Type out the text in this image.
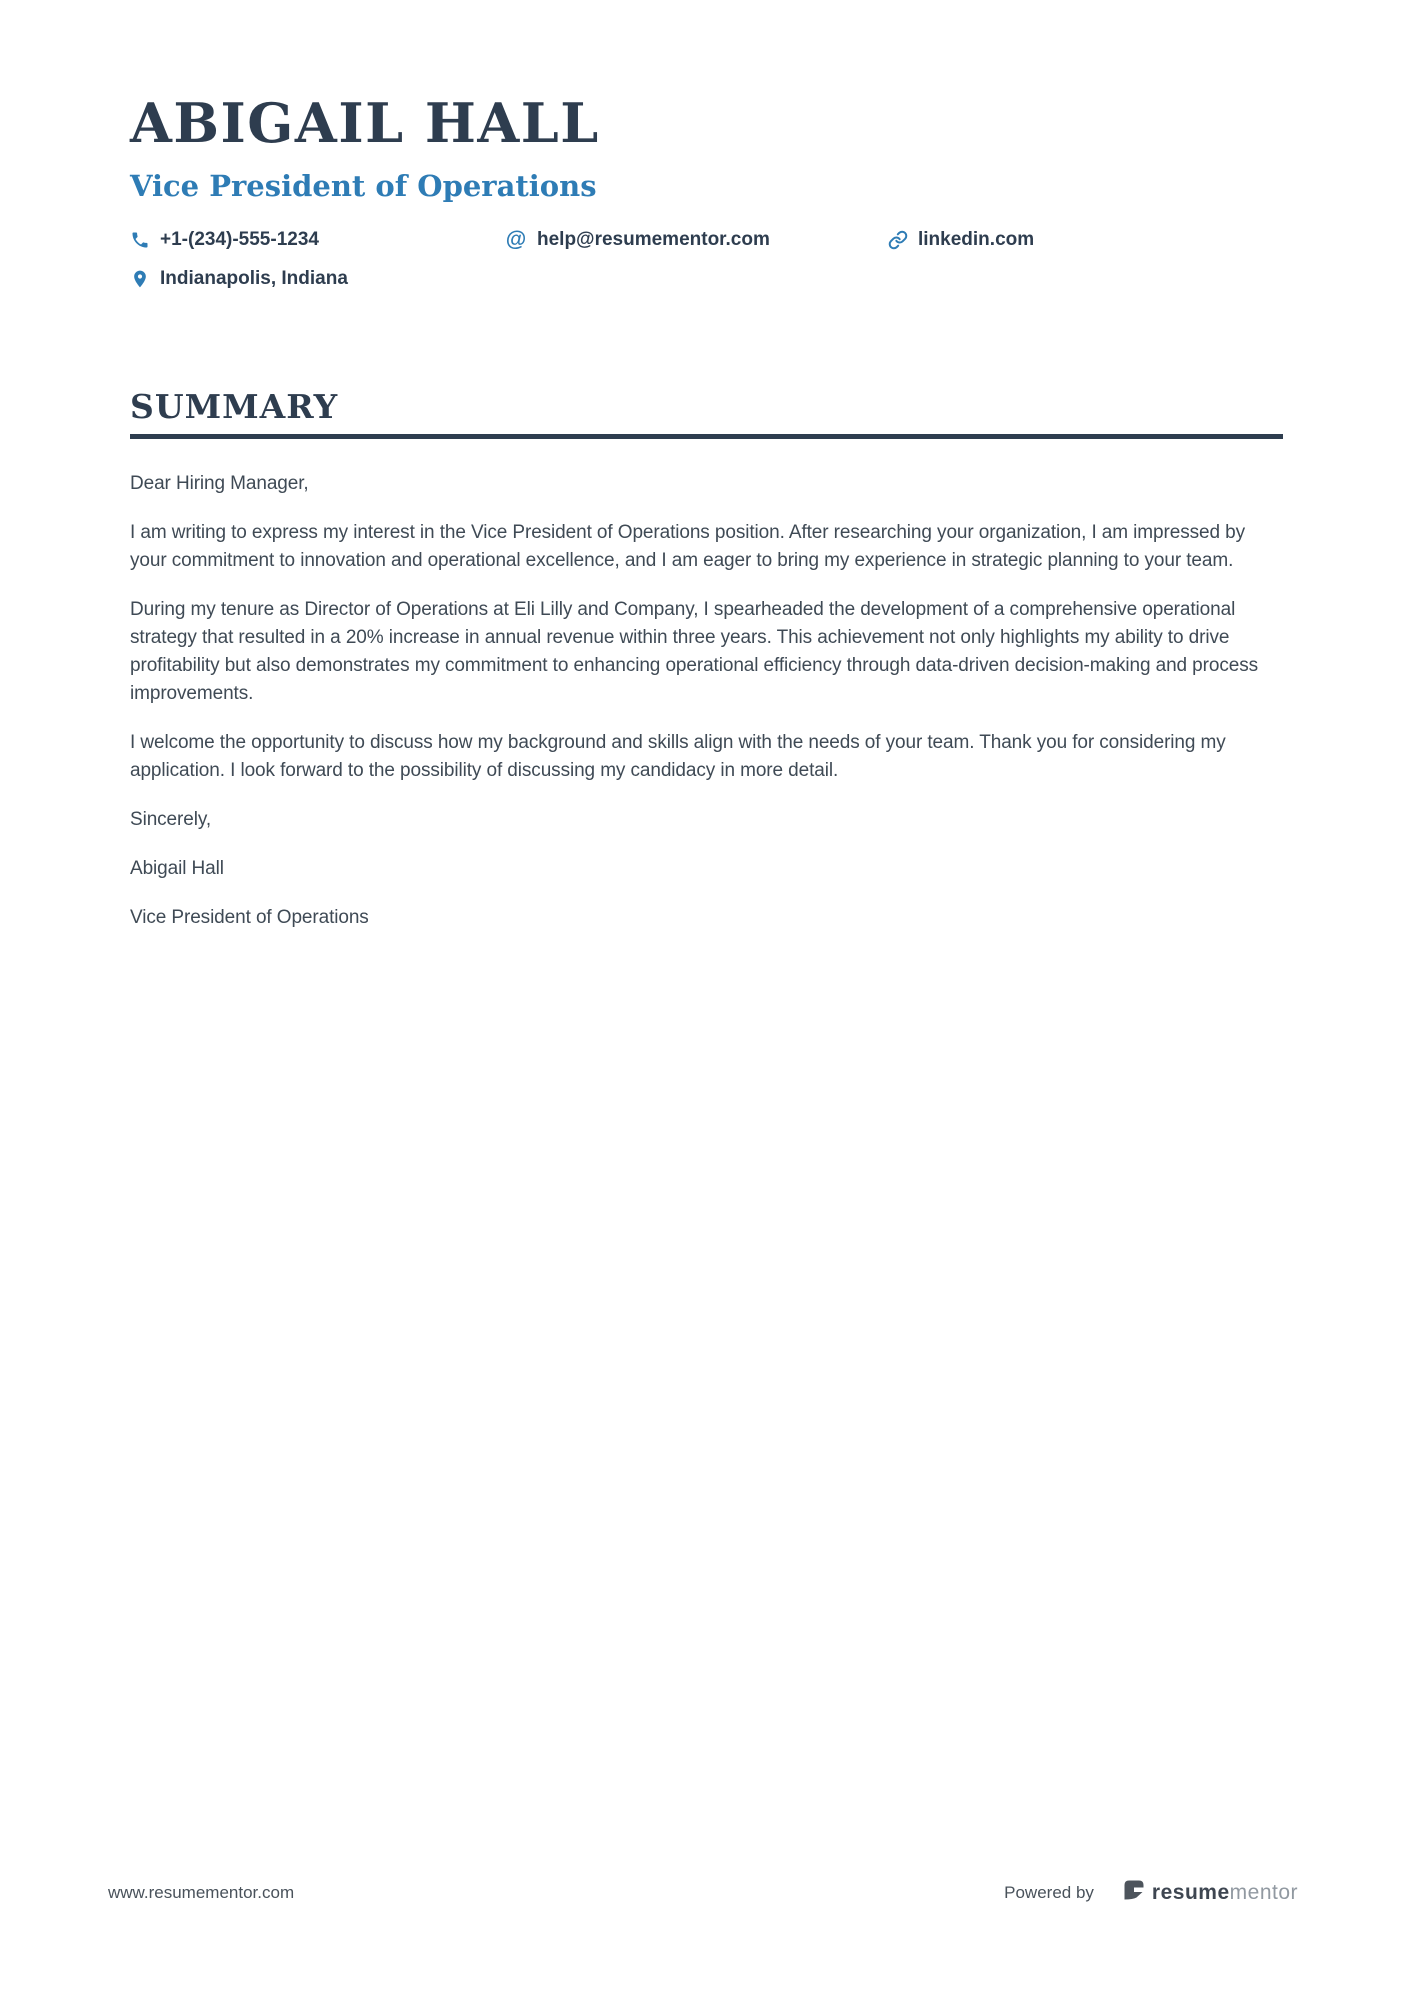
ABIGAIL HALL
Vice President of Operations
+1-(234)-555-1234	@ help@resumementor.com	linkedin.com
Indianapolis, Indiana
SUMMARY

Dear Hiring Manager,

I am writing to express my interest in the Vice President of Operations position. After researching your organization, I am impressed by your commitment to innovation and operational excellence, and I am eager to bring my experience in strategic planning to your team.

During my tenure as Director of Operations at Eli Lilly and Company, I spearheaded the development of a comprehensive operational strategy that resulted in a 20% increase in annual revenue within three years. This achievement not only highlights my ability to drive profitability but also demonstrates my commitment to enhancing operational efficiency through data-driven decision-making and process improvements.

I welcome the opportunity to discuss how my background and skills align with the needs of your team. Thank you for considering my application. I look forward to the possibility of discussing my candidacy in more detail.

Sincerely,

Abigail Hall

Vice President of Operations

www.resumementor.com	Powered by	resumementor
